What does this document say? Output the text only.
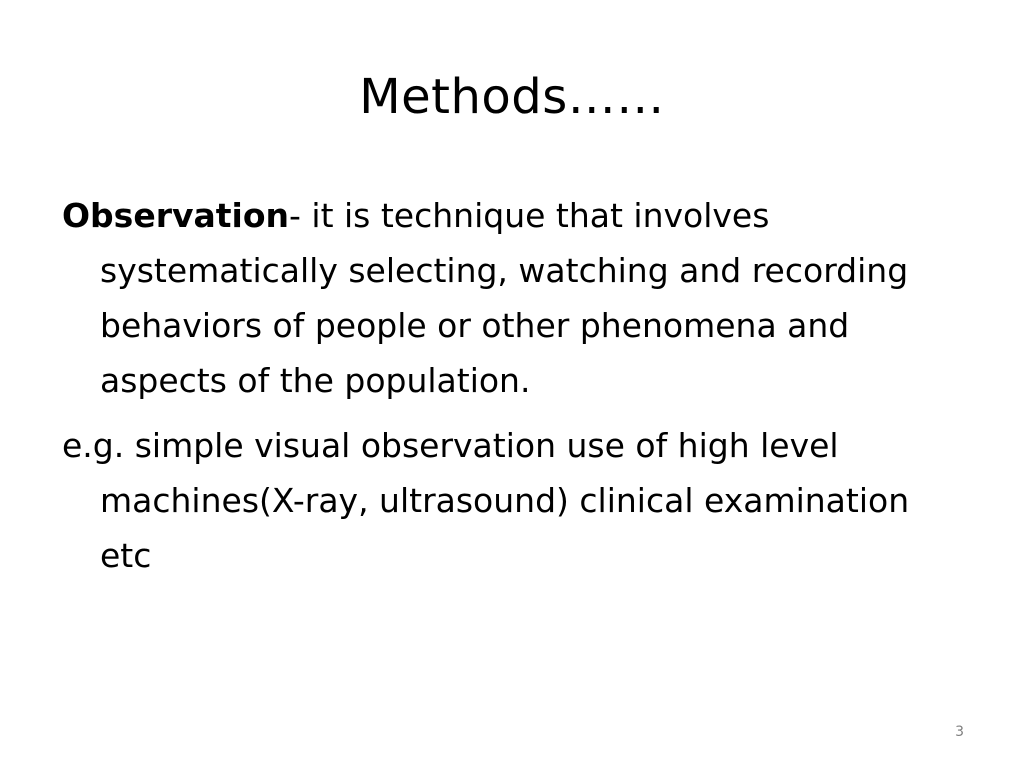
Methods……

Observation- it is technique that involves systematically selecting, watching and recording behaviors of people or other phenomena and aspects of the population.

e.g. simple visual observation use of high level machines(X-ray, ultrasound) clinical examination etc

3
